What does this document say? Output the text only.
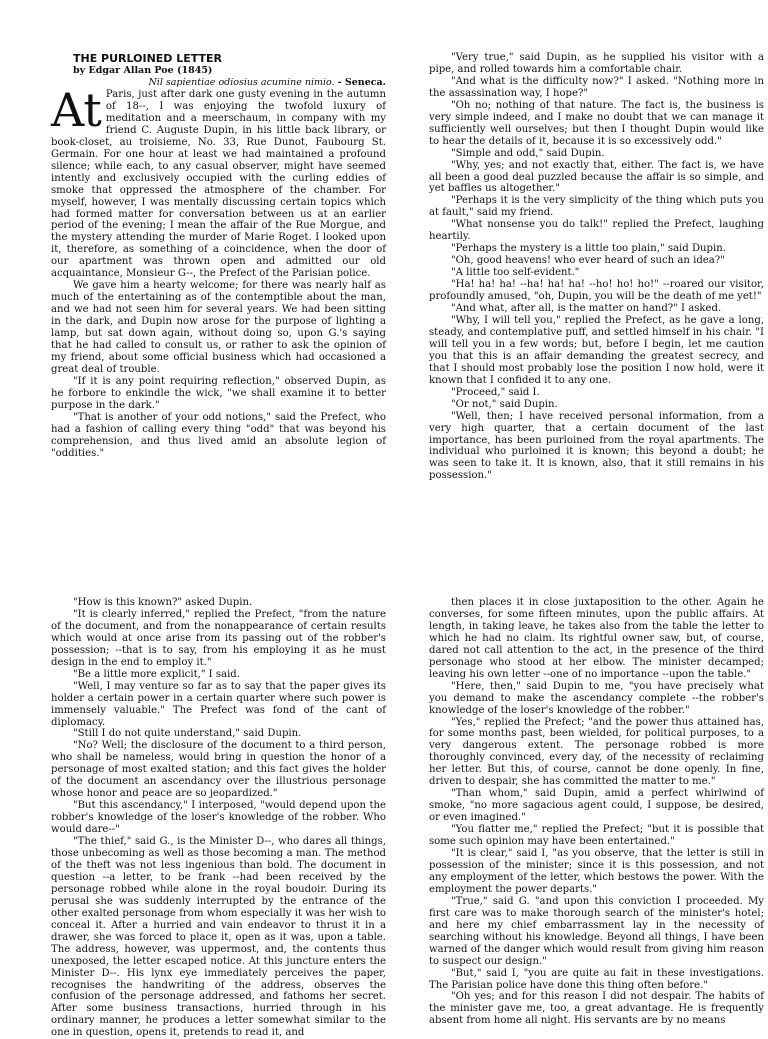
THE PURLOINED LETTER

by Edgar Allan Poe (1845)

Nil sapientiae odiosius acumine nimio. - Seneca.

At Paris, just after dark one gusty evening in the autumn of 18--, I was enjoying the twofold luxury of meditation and a meerschaum, in company with my friend C. Auguste Dupin, in his little back library, or book-closet, au troisieme, No. 33, Rue Dunot, Faubourg St. Germain. For one hour at least we had maintained a profound silence; while each, to any casual observer, might have seemed intently and exclusively occupied with the curling eddies of smoke that oppressed the atmosphere of the chamber. For myself, however, I was mentally discussing certain topics which had formed matter for conversation between us at an earlier period of the evening; I mean the affair of the Rue Morgue, and the mystery attending the murder of Marie Roget. I looked upon it, therefore, as something of a coincidence, when the door of our apartment was thrown open and admitted our old acquaintance, Monsieur G--, the Prefect of the Parisian police.

We gave him a hearty welcome; for there was nearly half as much of the entertaining as of the contemptible about the man, and we had not seen him for several years. We had been sitting in the dark, and Dupin now arose for the purpose of lighting a lamp, but sat down again, without doing so, upon G.'s saying that he had called to consult us, or rather to ask the opinion of my friend, about some official business which had occasioned a great deal of trouble.

"If it is any point requiring reflection," observed Dupin, as he forbore to enkindle the wick, "we shall examine it to better purpose in the dark."

"That is another of your odd notions," said the Prefect, who had a fashion of calling every thing "odd" that was beyond his comprehension, and thus lived amid an absolute legion of "oddities."

"Very true," said Dupin, as he supplied his visitor with a pipe, and rolled towards him a comfortable chair.

"And what is the difficulty now?" I asked. "Nothing more in the assassination way, I hope?"

"Oh no; nothing of that nature. The fact is, the business is very simple indeed, and I make no doubt that we can manage it sufficiently well ourselves; but then I thought Dupin would like to hear the details of it, because it is so excessively odd."

"Simple and odd," said Dupin.

"Why, yes; and not exactly that, either. The fact is, we have all been a good deal puzzled because the affair is so simple, and yet baffles us altogether."

"Perhaps it is the very simplicity of the thing which puts you at fault," said my friend.

"What nonsense you do talk!" replied the Prefect, laughing heartily.

"Perhaps the mystery is a little too plain," said Dupin.

"Oh, good heavens! who ever heard of such an idea?"

"A little too self-evident."

"Ha! ha! ha! --ha! ha! ha! --ho! ho! ho!" --roared our visitor, profoundly amused, "oh, Dupin, you will be the death of me yet!"

"And what, after all, is the matter on hand?" I asked.

"Why, I will tell you," replied the Prefect, as he gave a long, steady, and contemplative puff, and settled himself in his chair. "I will tell you in a few words; but, before I begin, let me caution you that this is an affair demanding the greatest secrecy, and that I should most probably lose the position I now hold, were it known that I confided it to any one.

"Proceed," said I.

"Or not," said Dupin.

"Well, then; I have received personal information, from a very high quarter, that a certain document of the last importance, has been purloined from the royal apartments. The individual who purloined it is known; this beyond a doubt; he was seen to take it. It is known, also, that it still remains in his possession."

"How is this known?" asked Dupin.

"It is clearly inferred," replied the Prefect, "from the nature of the document, and from the nonappearance of certain results which would at once arise from its passing out of the robber's possession; --that is to say, from his employing it as he must design in the end to employ it."

"Be a little more explicit," I said.

"Well, I may venture so far as to say that the paper gives its holder a certain power in a certain quarter where such power is immensely valuable." The Prefect was fond of the cant of diplomacy.

"Still I do not quite understand," said Dupin.

"No? Well; the disclosure of the document to a third person, who shall be nameless, would bring in question the honor of a personage of most exalted station; and this fact gives the holder of the document an ascendancy over the illustrious personage whose honor and peace are so jeopardized."

"But this ascendancy," I interposed, "would depend upon the robber's knowledge of the loser's knowledge of the robber. Who would dare--"

"The thief," said G., is the Minister D--, who dares all things, those unbecoming as well as those becoming a man. The method of the theft was not less ingenious than bold. The document in question --a letter, to be frank --had been received by the personage robbed while alone in the royal boudoir. During its perusal she was suddenly interrupted by the entrance of the other exalted personage from whom especially it was her wish to conceal it. After a hurried and vain endeavor to thrust it in a drawer, she was forced to place it, open as it was, upon a table. The address, however, was uppermost, and, the contents thus unexposed, the letter escaped notice. At this juncture enters the Minister D--. His lynx eye immediately perceives the paper, recognises the handwriting of the address, observes the confusion of the personage addressed, and fathoms her secret. After some business transactions, hurried through in his ordinary manner, he produces a letter somewhat similar to the one in question, opens it, pretends to read it, and

then places it in close juxtaposition to the other. Again he converses, for some fifteen minutes, upon the public affairs. At length, in taking leave, he takes also from the table the letter to which he had no claim. Its rightful owner saw, but, of course, dared not call attention to the act, in the presence of the third personage who stood at her elbow. The minister decamped; leaving his own letter --one of no importance --upon the table."

"Here, then," said Dupin to me, "you have precisely what you demand to make the ascendancy complete --the robber's knowledge of the loser's knowledge of the robber."

"Yes," replied the Prefect; "and the power thus attained has, for some months past, been wielded, for political purposes, to a very dangerous extent. The personage robbed is more thoroughly convinced, every day, of the necessity of reclaiming her letter. But this, of course, cannot be done openly. In fine, driven to despair, she has committed the matter to me."

"Than whom," said Dupin, amid a perfect whirlwind of smoke, "no more sagacious agent could, I suppose, be desired, or even imagined."

"You flatter me," replied the Prefect; "but it is possible that some such opinion may have been entertained."

"It is clear," said I, "as you observe, that the letter is still in possession of the minister; since it is this possession, and not any employment of the letter, which bestows the power. With the employment the power departs."

"True," said G. "and upon this conviction I proceeded. My first care was to make thorough search of the minister's hotel; and here my chief embarrassment lay in the necessity of searching without his knowledge. Beyond all things, I have been warned of the danger which would result from giving him reason to suspect our design."

"But," said I, "you are quite au fait in these investigations. The Parisian police have done this thing often before."

"Oh yes; and for this reason I did not despair. The habits of the minister gave me, too, a great advantage. He is frequently absent from home all night. His servants are by no means
